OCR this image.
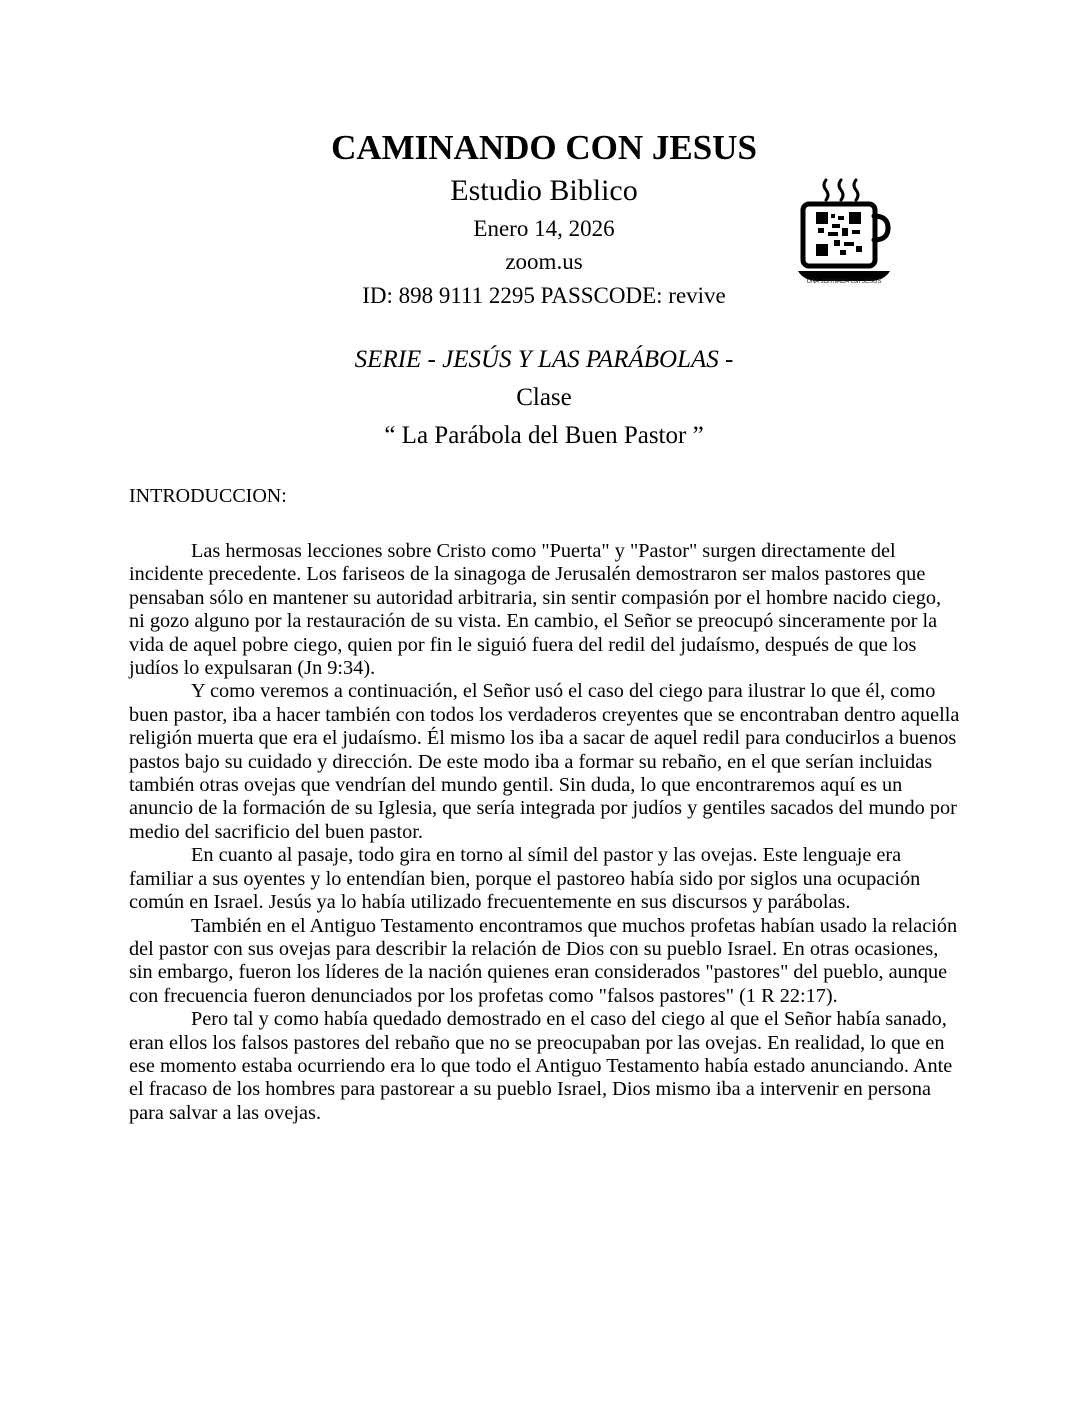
CAMINANDO CON JESUS
Estudio Biblico
Enero 14, 2026
zoom.us
ID: 898 9111 2295 PASSCODE: revive
UNA JORNADA con JESUS
SERIE - JESÚS Y LAS PARÁBOLAS -
Clase
“ La Parábola del Buen Pastor ”
INTRODUCCION:

Las hermosas lecciones sobre Cristo como "Puerta" y "Pastor" surgen directamente del incidente precedente. Los fariseos de la sinagoga de Jerusalén demostraron ser malos pastores que pensaban sólo en mantener su autoridad arbitraria, sin sentir compasión por el hombre nacido ciego, ni gozo alguno por la restauración de su vista. En cambio, el Señor se preocupó sinceramente por la vida de aquel pobre ciego, quien por fin le siguió fuera del redil del judaísmo, después de que los judíos lo expulsaran (Jn 9:34).

Y como veremos a continuación, el Señor usó el caso del ciego para ilustrar lo que él, como buen pastor, iba a hacer también con todos los verdaderos creyentes que se encontraban dentro aquella religión muerta que era el judaísmo. Él mismo los iba a sacar de aquel redil para conducirlos a buenos pastos bajo su cuidado y dirección. De este modo iba a formar su rebaño, en el que serían incluidas también otras ovejas que vendrían del mundo gentil. Sin duda, lo que encontraremos aquí es un anuncio de la formación de su Iglesia, que sería integrada por judíos y gentiles sacados del mundo por medio del sacrificio del buen pastor.

En cuanto al pasaje, todo gira en torno al símil del pastor y las ovejas. Este lenguaje era familiar a sus oyentes y lo entendían bien, porque el pastoreo había sido por siglos una ocupación común en Israel. Jesús ya lo había utilizado frecuentemente en sus discursos y parábolas.

También en el Antiguo Testamento encontramos que muchos profetas habían usado la relación del pastor con sus ovejas para describir la relación de Dios con su pueblo Israel. En otras ocasiones, sin embargo, fueron los líderes de la nación quienes eran considerados "pastores" del pueblo, aunque con frecuencia fueron denunciados por los profetas como "falsos pastores" (1 R 22:17).

Pero tal y como había quedado demostrado en el caso del ciego al que el Señor había sanado, eran ellos los falsos pastores del rebaño que no se preocupaban por las ovejas. En realidad, lo que en ese momento estaba ocurriendo era lo que todo el Antiguo Testamento había estado anunciando. Ante el fracaso de los hombres para pastorear a su pueblo Israel, Dios mismo iba a intervenir en persona para salvar a las ovejas.
